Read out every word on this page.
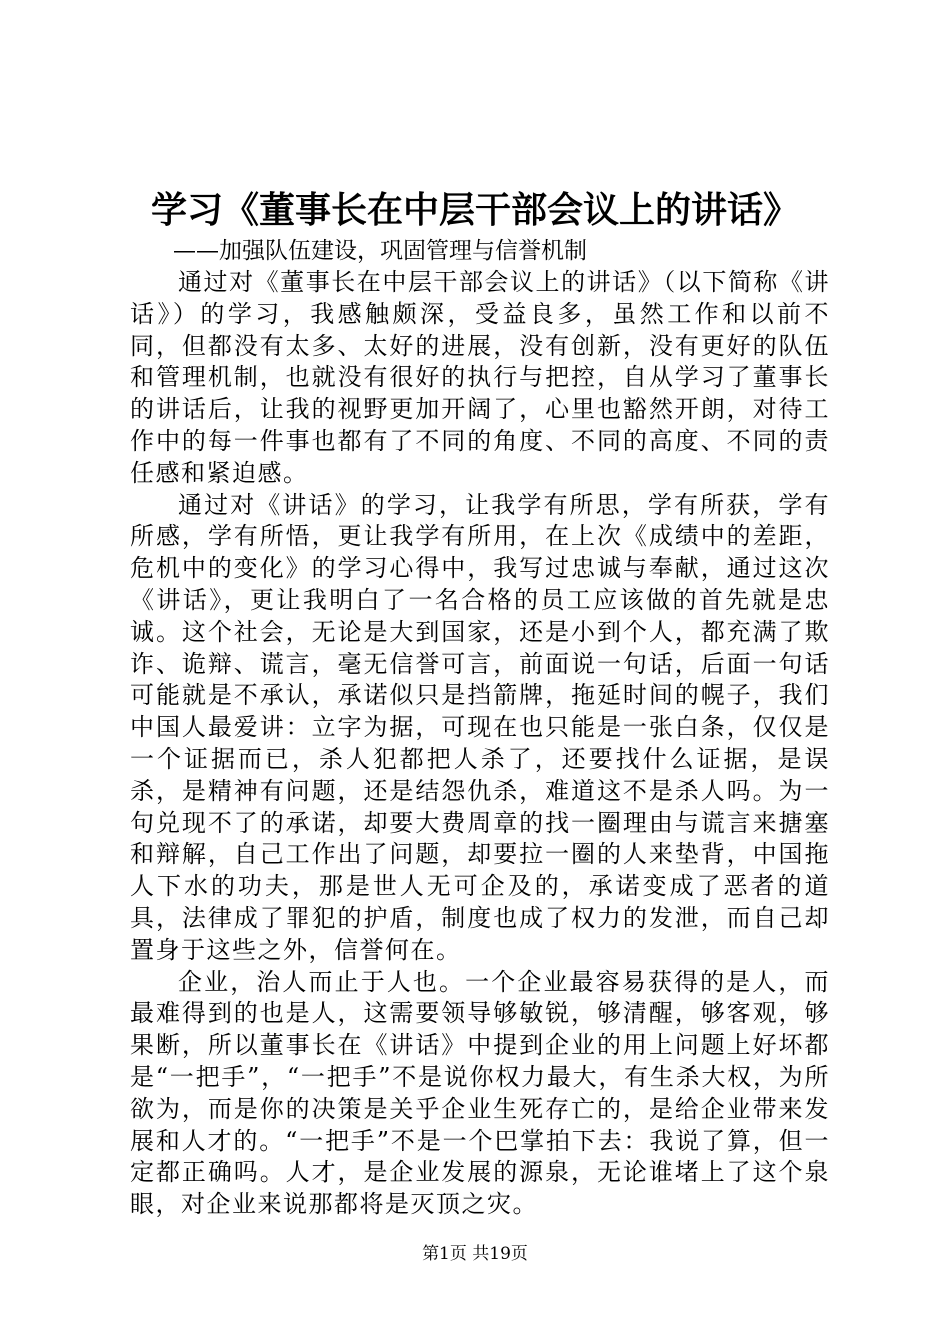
学习《董事长在中层干部会议上的讲话》

——加强队伍建设，巩固管理与信誉机制

通过对《董事长在中层干部会议上的讲话》（以下简称《讲话》）的学习，我感触颇深，受益良多，虽然工作和以前不同，但都没有太多、太好的进展，没有创新，没有更好的队伍和管理机制，也就没有很好的执行与把控，自从学习了董事长的讲话后，让我的视野更加开阔了，心里也豁然开朗，对待工作中的每一件事也都有了不同的角度、不同的高度、不同的责任感和紧迫感。

通过对《讲话》的学习，让我学有所思，学有所获，学有所感，学有所悟，更让我学有所用，在上次《成绩中的差距，危机中的变化》的学习心得中，我写过忠诚与奉献，通过这次《讲话》，更让我明白了一名合格的员工应该做的首先就是忠诚。这个社会，无论是大到国家，还是小到个人，都充满了欺诈、诡辩、谎言，毫无信誉可言，前面说一句话，后面一句话可能就是不承认，承诺似只是挡箭牌，拖延时间的幌子，我们中国人最爱讲：立字为据，可现在也只能是一张白条，仅仅是一个证据而已，杀人犯都把人杀了，还要找什么证据，是误杀，是精神有问题，还是结怨仇杀，难道这不是杀人吗。为一句兑现不了的承诺，却要大费周章的找一圈理由与谎言来搪塞和辩解，自己工作出了问题，却要拉一圈的人来垫背，中国拖人下水的功夫，那是世人无可企及的，承诺变成了恶者的道具，法律成了罪犯的护盾，制度也成了权力的发泄，而自己却置身于这些之外，信誉何在。

企业，治人而止于人也。一个企业最容易获得的是人，而最难得到的也是人，这需要领导够敏锐，够清醒，够客观，够果断，所以董事长在《讲话》中提到企业的用上问题上好坏都是“一把手”，“一把手”不是说你权力最大，有生杀大权，为所欲为，而是你的决策是关乎企业生死存亡的，是给企业带来发展和人才的。“一把手”不是一个巴掌拍下去：我说了算，但一定都正确吗。人才，是企业发展的源泉，无论谁堵上了这个泉眼，对企业来说那都将是灭顶之灾。

第1页 共19页
